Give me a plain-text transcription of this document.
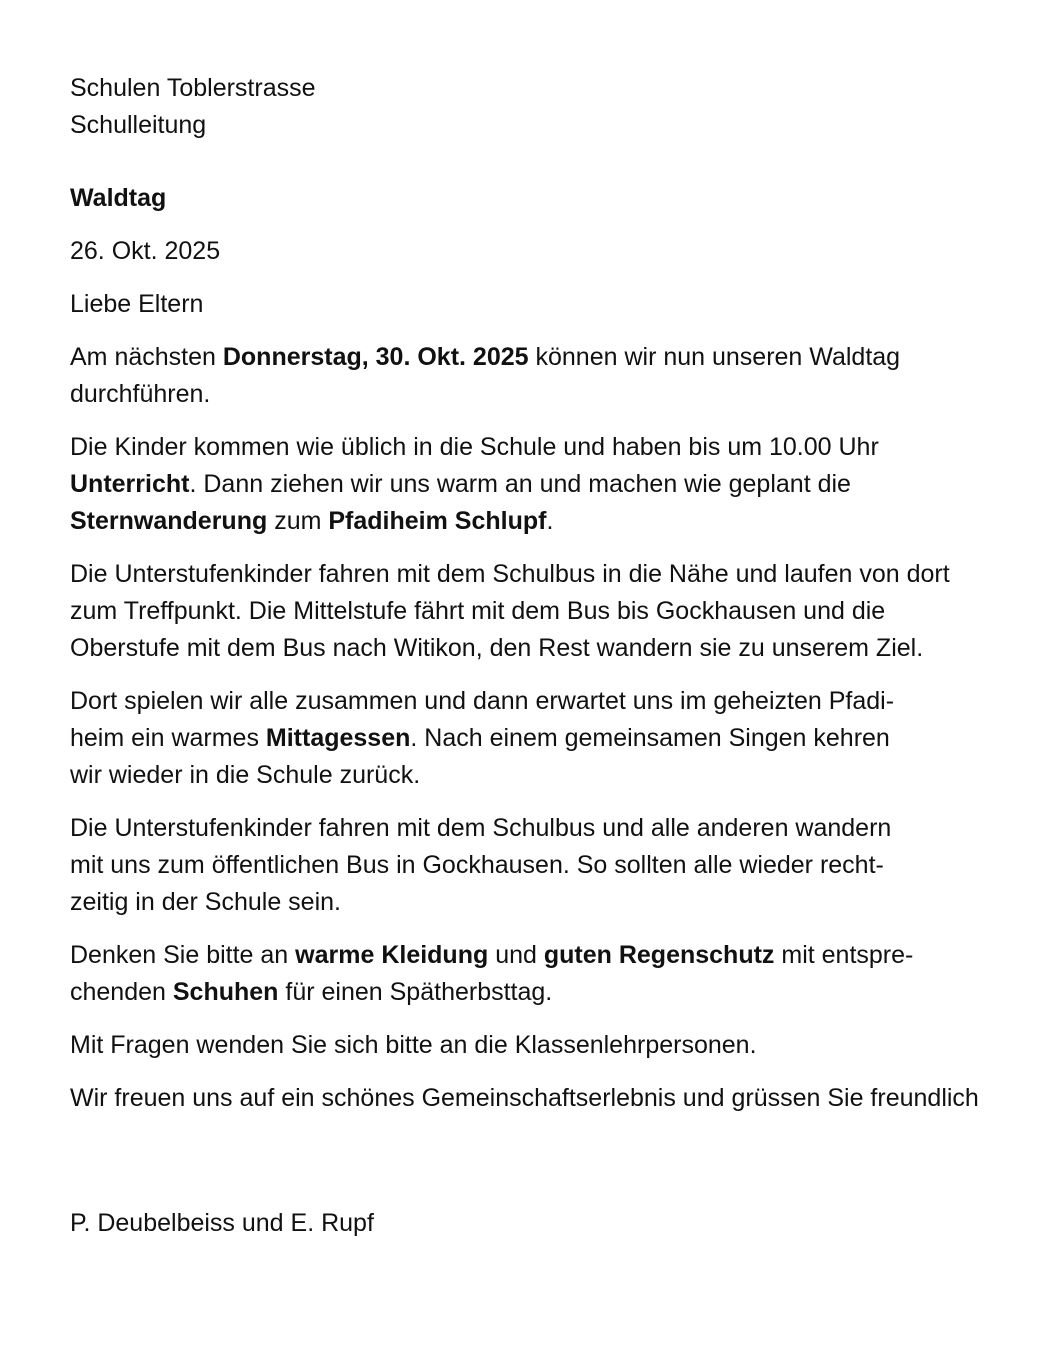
Schulen Toblerstrasse

Schulleitung

Waldtag

26. Okt. 2025

Liebe Eltern

Am nächsten Donnerstag, 30. Okt. 2025 können wir nun unseren Waldtag durchführen.

Die Kinder kommen wie üblich in die Schule und haben bis um 10.00 Uhr Unterricht. Dann ziehen wir uns warm an und machen wie geplant die Sternwanderung zum Pfadiheim Schlupf.

Die Unterstufenkinder fahren mit dem Schulbus in die Nähe und laufen von dort zum Treffpunkt. Die Mittelstufe fährt mit dem Bus bis Gockhausen und die Oberstufe mit dem Bus nach Witikon, den Rest wandern sie zu unserem Ziel.

Dort spielen wir alle zusammen und dann erwartet uns im geheizten Pfadi-
heim ein warmes Mittagessen. Nach einem gemeinsamen Singen kehren
wir wieder in die Schule zurück.

Die Unterstufenkinder fahren mit dem Schulbus und alle anderen wandern
mit uns zum öffentlichen Bus in Gockhausen. So sollten alle wieder recht-
zeitig in der Schule sein.

Denken Sie bitte an warme Kleidung und guten Regenschutz mit entspre-
chenden Schuhen für einen Spätherbsttag.

Mit Fragen wenden Sie sich bitte an die Klassenlehrpersonen.

Wir freuen uns auf ein schönes Gemeinschaftserlebnis und grüssen Sie freundlich

P. Deubelbeiss und E. Rupf
